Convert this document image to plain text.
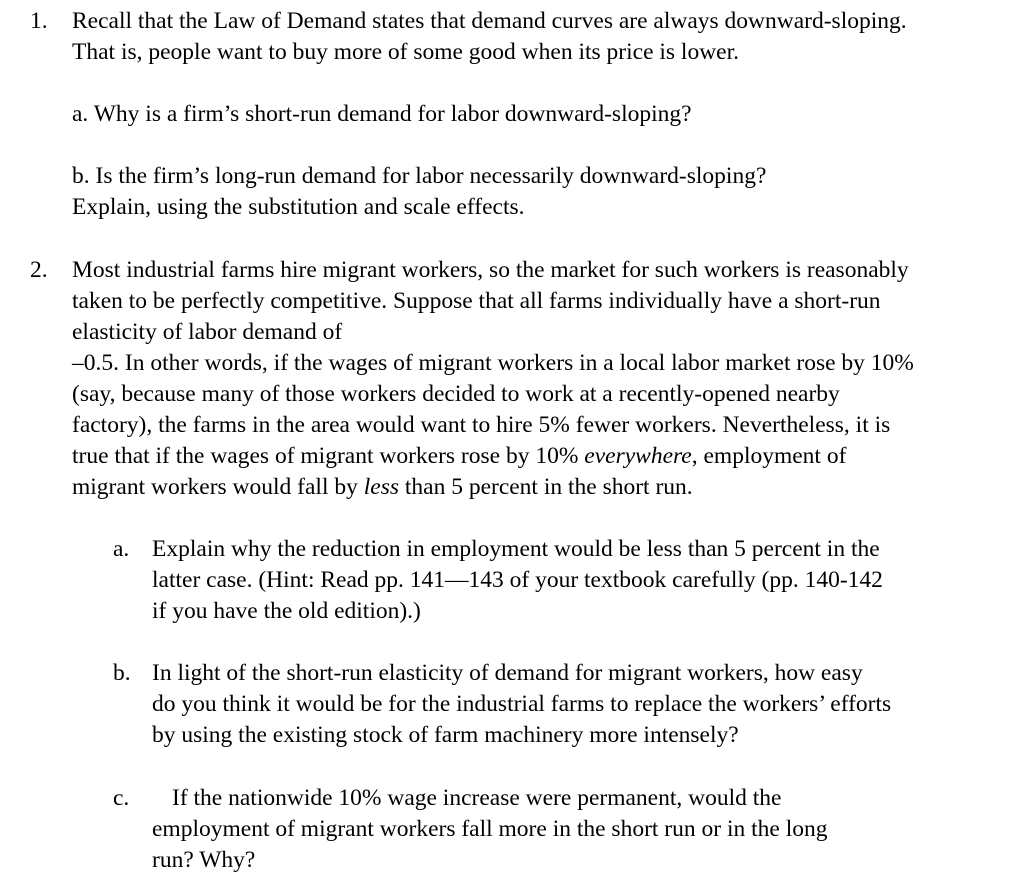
1. Recall that the Law of Demand states that demand curves are always downward-sloping.
That is, people want to buy more of some good when its price is lower.
a. Why is a firm’s short-run demand for labor downward-sloping?
b. Is the firm’s long-run demand for labor necessarily downward-sloping?
Explain, using the substitution and scale effects.
2. Most industrial farms hire migrant workers, so the market for such workers is reasonably
taken to be perfectly competitive. Suppose that all farms individually have a short-run
elasticity of labor demand of
–0.5. In other words, if the wages of migrant workers in a local labor market rose by 10%
(say, because many of those workers decided to work at a recently-opened nearby
factory), the farms in the area would want to hire 5% fewer workers. Nevertheless, it is
true that if the wages of migrant workers rose by 10% everywhere, employment of
migrant workers would fall by less than 5 percent in the short run.
a. Explain why the reduction in employment would be less than 5 percent in the
latter case. (Hint: Read pp. 141—143 of your textbook carefully (pp. 140-142
if you have the old edition).)
b. In light of the short-run elasticity of demand for migrant workers, how easy
do you think it would be for the industrial farms to replace the workers’ efforts
by using the existing stock of farm machinery more intensely?
c. If the nationwide 10% wage increase were permanent, would the
employment of migrant workers fall more in the short run or in the long
run? Why?
